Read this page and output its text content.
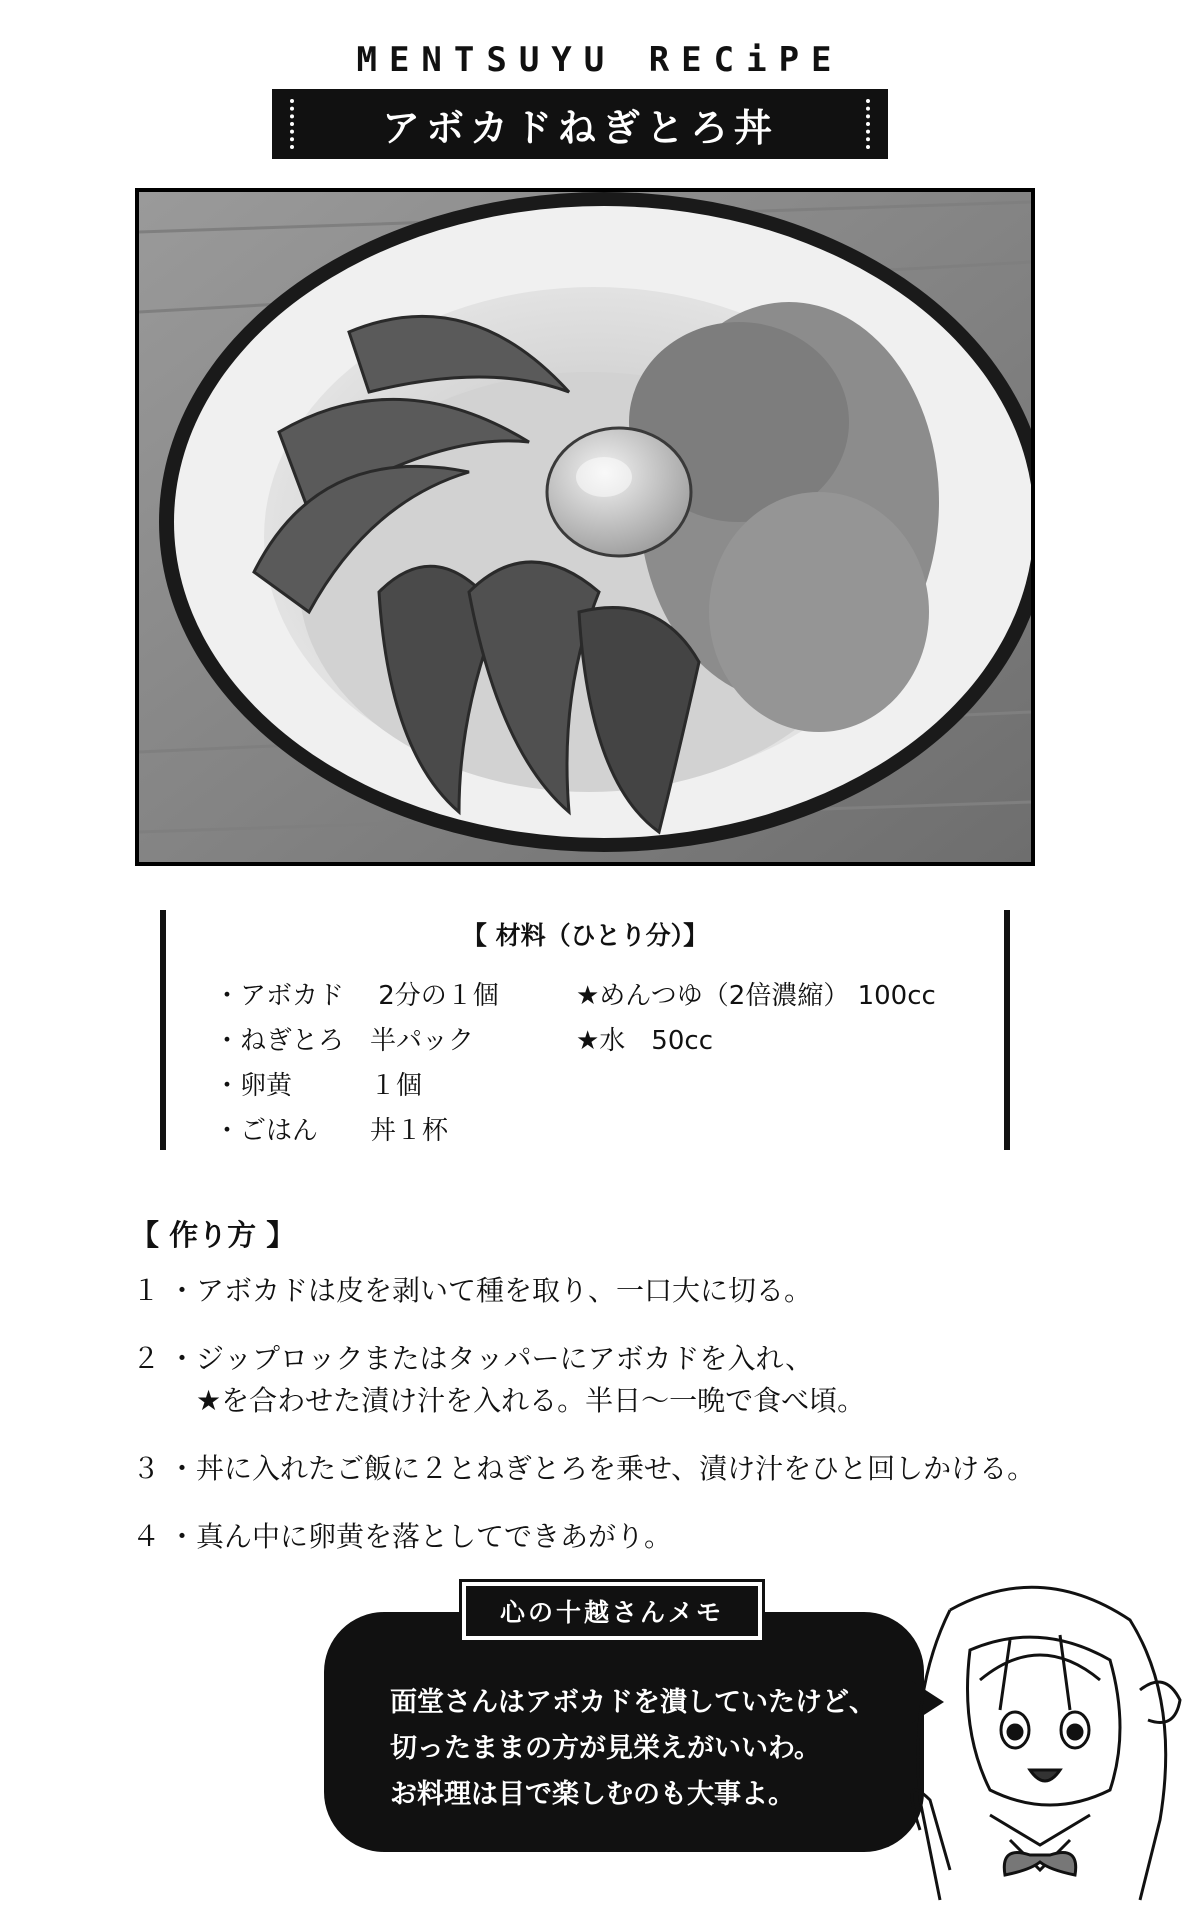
MENTSUYU RECiPE
アボカドねぎとろ丼
【 材料（ひとり分）】
・アボカド　 2分の１個
・ねぎとろ　半パック
・卵黄　　　１個
・ごはん　　丼１杯
★めんつゆ（2倍濃縮） 100cc
★水　50cc
【 作り方 】
１ ・アボカドは皮を剥いて種を取り、一口大に切る。
２ ・ジップロックまたはタッパーにアボカドを入れ、
　★を合わせた漬け汁を入れる。半日〜一晩で食べ頃。
３ ・丼に入れたご飯に２とねぎとろを乗せ、漬け汁をひと回しかける。
４ ・真ん中に卵黄を落としてできあがり。
心の十越さんメモ
面堂さんはアボカドを潰していたけど、
切ったままの方が見栄えがいいわ。
お料理は目で楽しむのも大事よ。
